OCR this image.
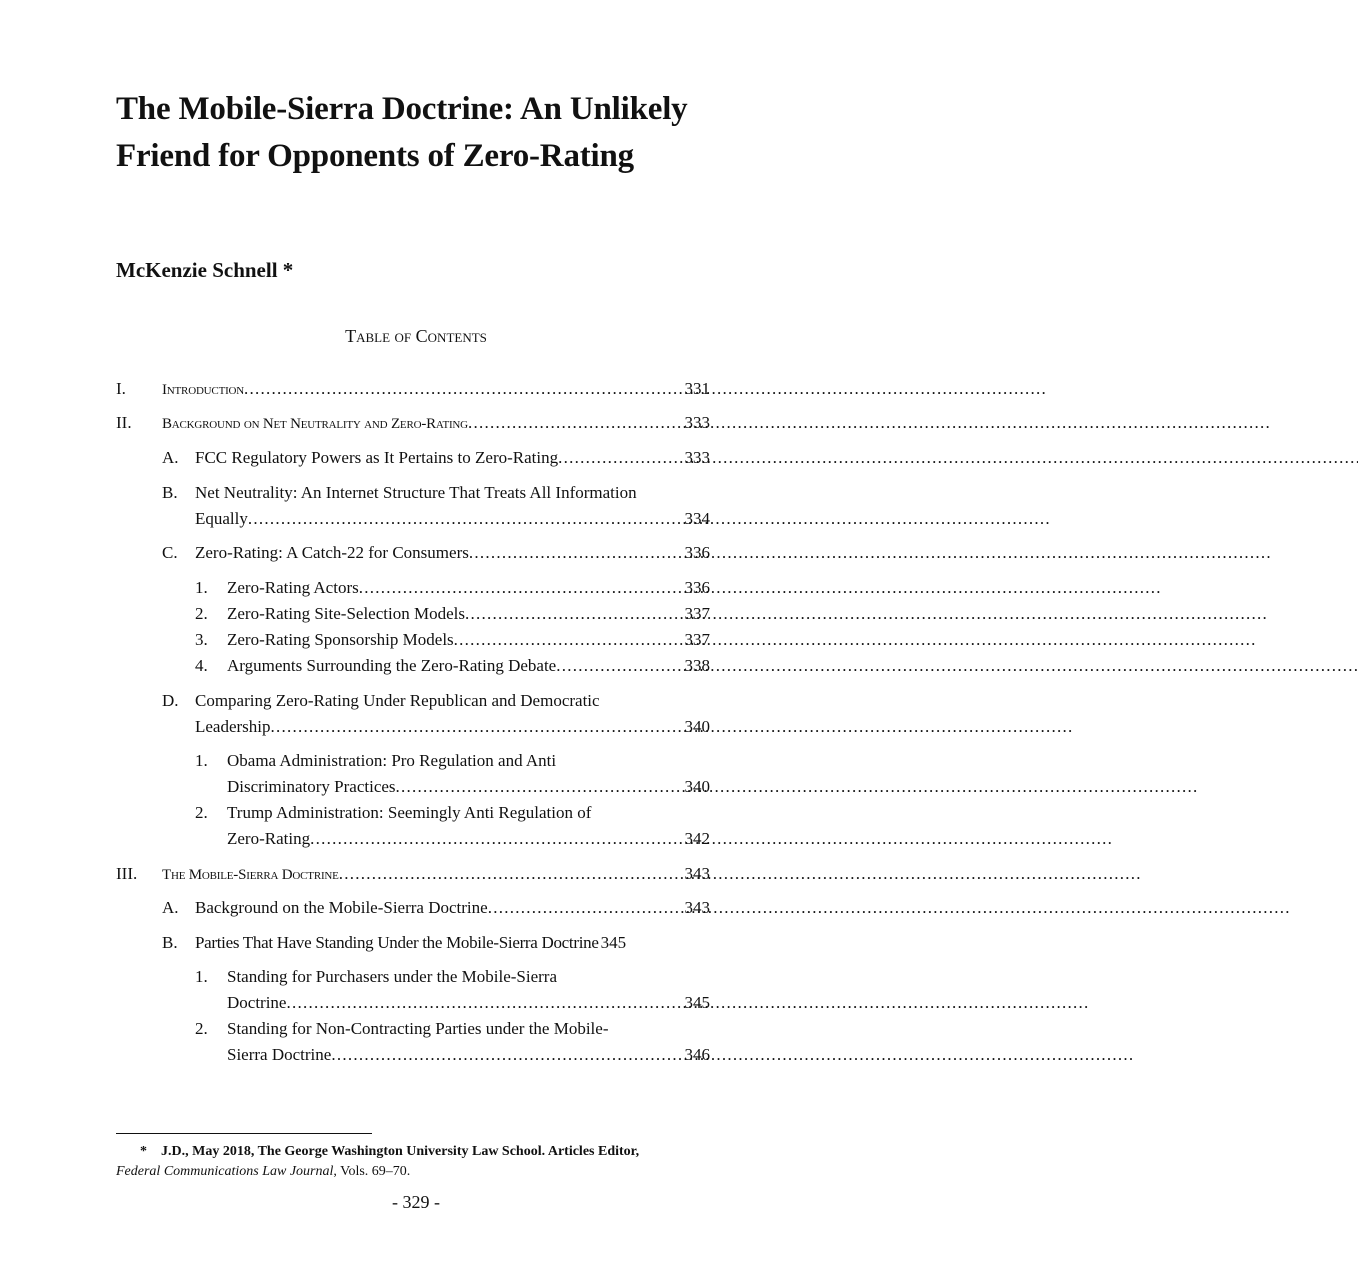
The Mobile-Sierra Doctrine: An Unlikely Friend for Opponents of Zero-Rating
McKenzie Schnell *
Table of Contents
I. Introduction . . .	331
II. Background on Net Neutrality and Zero-Rating . . .	333
A. FCC Regulatory Powers as It Pertains to Zero-Rating . . .	333
B. Net Neutrality: An Internet Structure That Treats All Information
Equally . . .	334
C. Zero-Rating: A Catch-22 for Consumers . . .	336
1. Zero-Rating Actors . . .	336
2. Zero-Rating Site-Selection Models . . .	337
3. Zero-Rating Sponsorship Models . . .	337
4. Arguments Surrounding the Zero-Rating Debate . . .	338
D. Comparing Zero-Rating Under Republican and Democratic
Leadership . . .	340
1. Obama Administration: Pro Regulation and Anti
Discriminatory Practices . . .	340
2. Trump Administration: Seemingly Anti Regulation of
Zero-Rating . . .	342
III. The Mobile-Sierra Doctrine . . .	343
A. Background on the Mobile-Sierra Doctrine . . .	343
B. Parties That Have Standing Under the Mobile-Sierra Doctrine 345
1. Standing for Purchasers under the Mobile-Sierra
Doctrine . . .	345
2. Standing for Non-Contracting Parties under the Mobile-
Sierra Doctrine . . .	346

* J.D., May 2018, The George Washington University Law School. Articles Editor,
Federal Communications Law Journal, Vols. 69–70.

- 329 -
